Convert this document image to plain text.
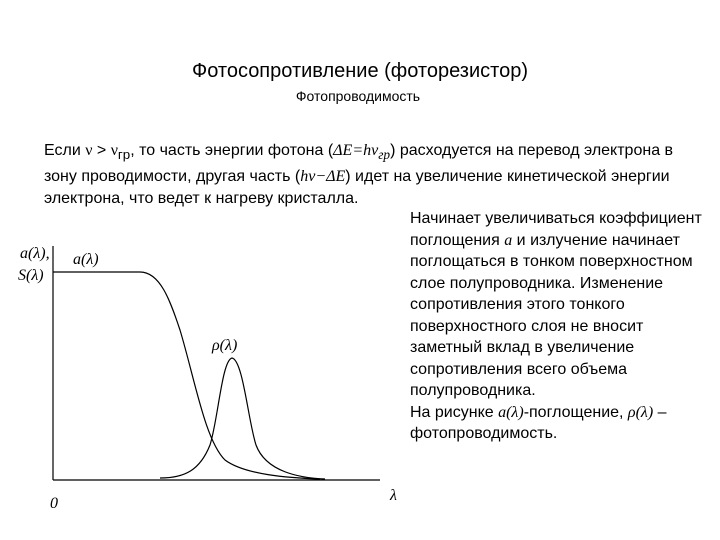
Фотосопротивление (фоторезистор)
Фотопроводимость

Если $\nu > \nu_{гр}$, то часть энергии фотона $(\Delta E=h\nu_{гр})$ расходуется на перевод электрона в зону проводимости, другая часть (hν−ΔE) идет на увеличение кинетической энергии электрона, что ведет к нагреву кристалла.

Начинает увеличиваться коэффициент поглощения a и излучение начинает поглощаться в тонком поверхностном слое полупроводника. Изменение сопротивления этого тонкого поверхностного слоя не вносит заметный вклад в увеличение сопротивления всего объема полупроводника.
На рисунке a(λ)-поглощение, ρ(λ) – фотопроводимость.

a(λ),
S(λ)
a(λ)
ρ(λ)
0	λ
